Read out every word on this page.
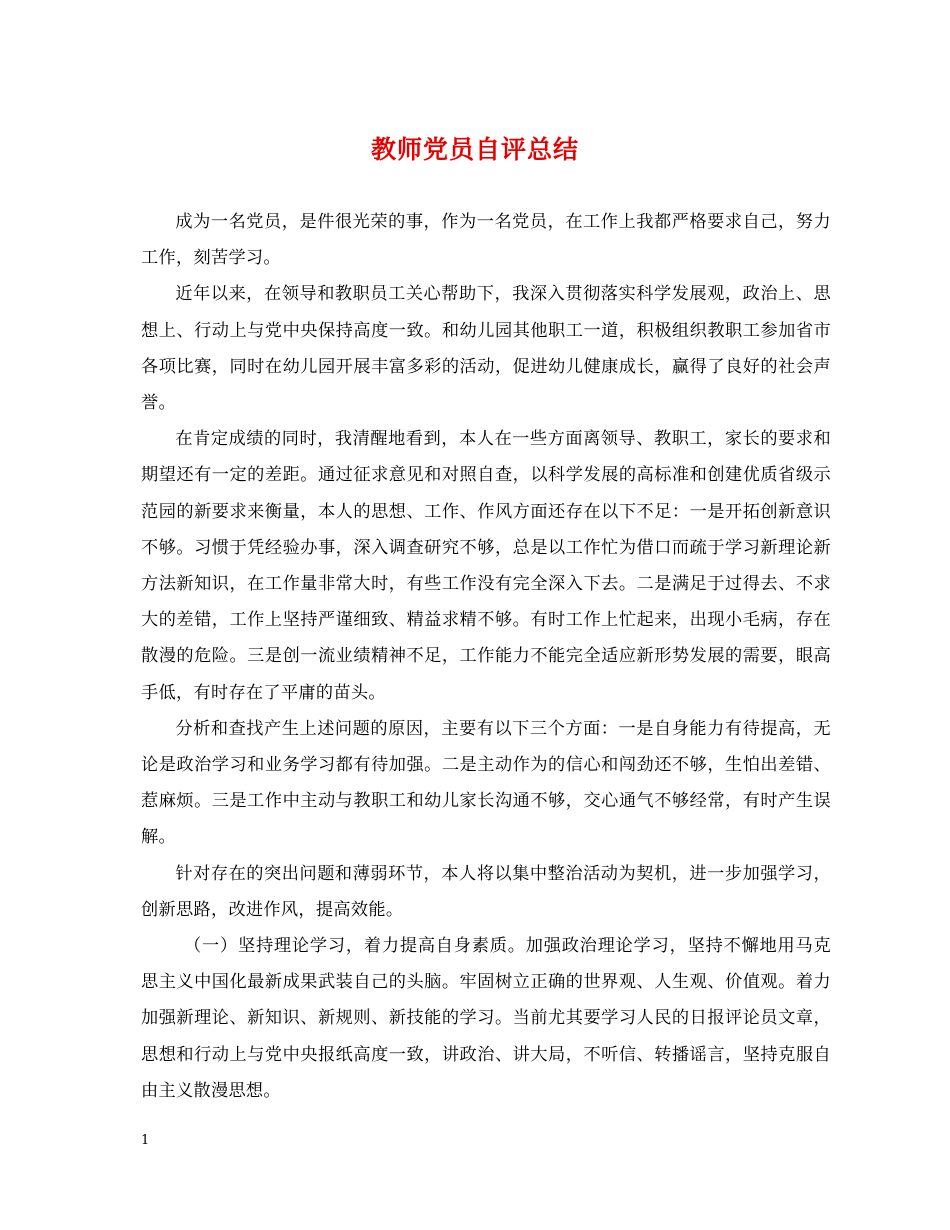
教师党员自评总结

成为一名党员，是件很光荣的事，作为一名党员，在工作上我都严格要求自己，努力工作，刻苦学习。

近年以来，在领导和教职员工关心帮助下，我深入贯彻落实科学发展观，政治上、思想上、行动上与党中央保持高度一致。和幼儿园其他职工一道，积极组织教职工参加省市各项比赛，同时在幼儿园开展丰富多彩的活动，促进幼儿健康成长，赢得了良好的社会声誉。

在肯定成绩的同时，我清醒地看到，本人在一些方面离领导、教职工，家长的要求和期望还有一定的差距。通过征求意见和对照自查，以科学发展的高标准和创建优质省级示范园的新要求来衡量，本人的思想、工作、作风方面还存在以下不足：一是开拓创新意识不够。习惯于凭经验办事，深入调查研究不够，总是以工作忙为借口而疏于学习新理论新方法新知识，在工作量非常大时，有些工作没有完全深入下去。二是满足于过得去、不求大的差错，工作上坚持严谨细致、精益求精不够。有时工作上忙起来，出现小毛病，存在散漫的危险。三是创一流业绩精神不足，工作能力不能完全适应新形势发展的需要，眼高手低，有时存在了平庸的苗头。

分析和查找产生上述问题的原因，主要有以下三个方面：一是自身能力有待提高，无论是政治学习和业务学习都有待加强。二是主动作为的信心和闯劲还不够，生怕出差错、惹麻烦。三是工作中主动与教职工和幼儿家长沟通不够，交心通气不够经常，有时产生误解。

针对存在的突出问题和薄弱环节，本人将以集中整治活动为契机，进一步加强学习，创新思路，改进作风，提高效能。

（一）坚持理论学习，着力提高自身素质。加强政治理论学习，坚持不懈地用马克思主义中国化最新成果武装自己的头脑。牢固树立正确的世界观、人生观、价值观。着力加强新理论、新知识、新规则、新技能的学习。当前尤其要学习人民的日报评论员文章，思想和行动上与党中央报纸高度一致，讲政治、讲大局，不听信、转播谣言，坚持克服自由主义散漫思想。

1
